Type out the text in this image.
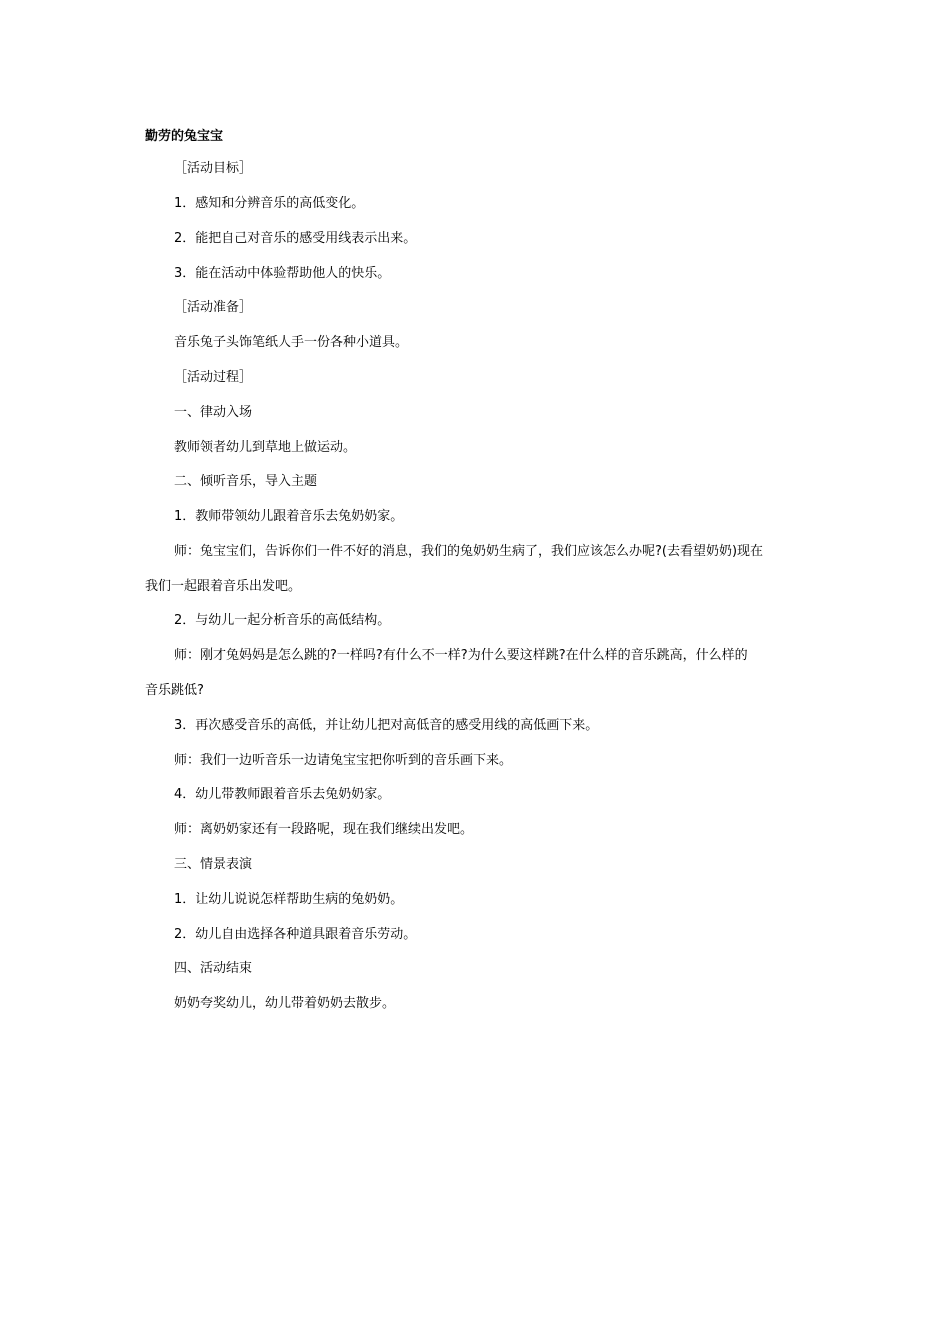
勤劳的兔宝宝
［活动目标］
1．感知和分辨音乐的高低变化。
2．能把自己对音乐的感受用线表示出来。
3．能在活动中体验帮助他人的快乐。
［活动准备］
音乐兔子头饰笔纸人手一份各种小道具。
［活动过程］
一、律动入场
教师领者幼儿到草地上做运动。
二、倾听音乐，导入主题
1．教师带领幼儿跟着音乐去兔奶奶家。
师：兔宝宝们，告诉你们一件不好的消息，我们的兔奶奶生病了，我们应该怎么办呢?(去看望奶奶)现在
我们一起跟着音乐出发吧。
2．与幼儿一起分析音乐的高低结构。
师：刚才兔妈妈是怎么跳的?一样吗?有什么不一样?为什么要这样跳?在什么样的音乐跳高，什么样的
音乐跳低?
3．再次感受音乐的高低，并让幼儿把对高低音的感受用线的高低画下来。
师：我们一边听音乐一边请兔宝宝把你听到的音乐画下来。
4．幼儿带教师跟着音乐去兔奶奶家。
师：离奶奶家还有一段路呢，现在我们继续出发吧。
三、情景表演
1．让幼儿说说怎样帮助生病的兔奶奶。
2．幼儿自由选择各种道具跟着音乐劳动。
四、活动结束
奶奶夸奖幼儿，幼儿带着奶奶去散步。
